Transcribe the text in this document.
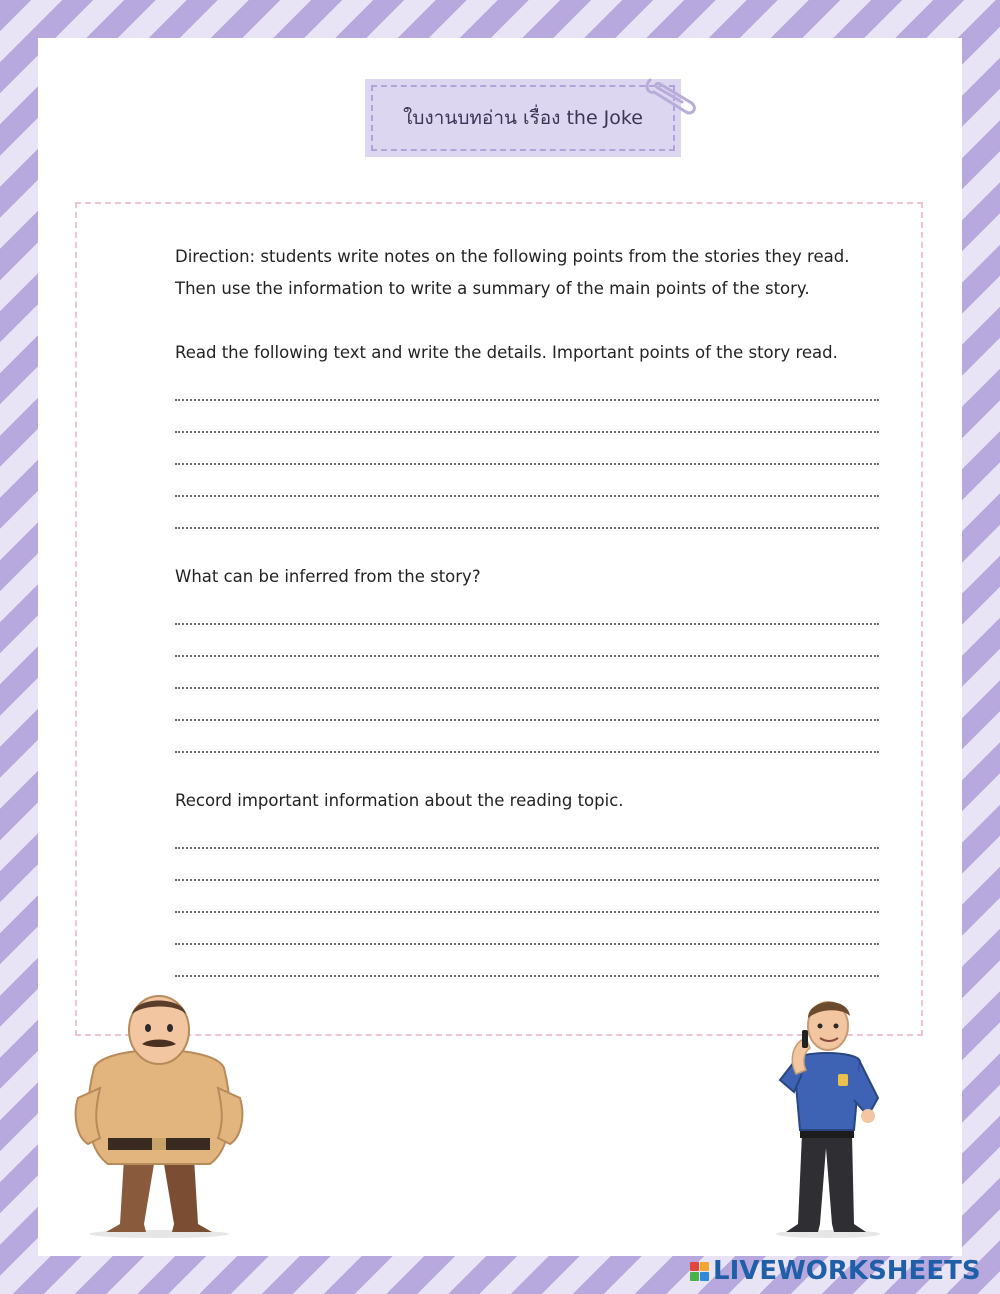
ใบงานบทอ่าน เรื่อง the Joke

Direction: students write notes on the following points from the stories they read.

Then use the information to write a summary of the main points of the story.

Read the following text and write the details. Important points of the story read.

What can be inferred from the story?

Record important information about the reading topic.

LIVEWORKSHEETS
